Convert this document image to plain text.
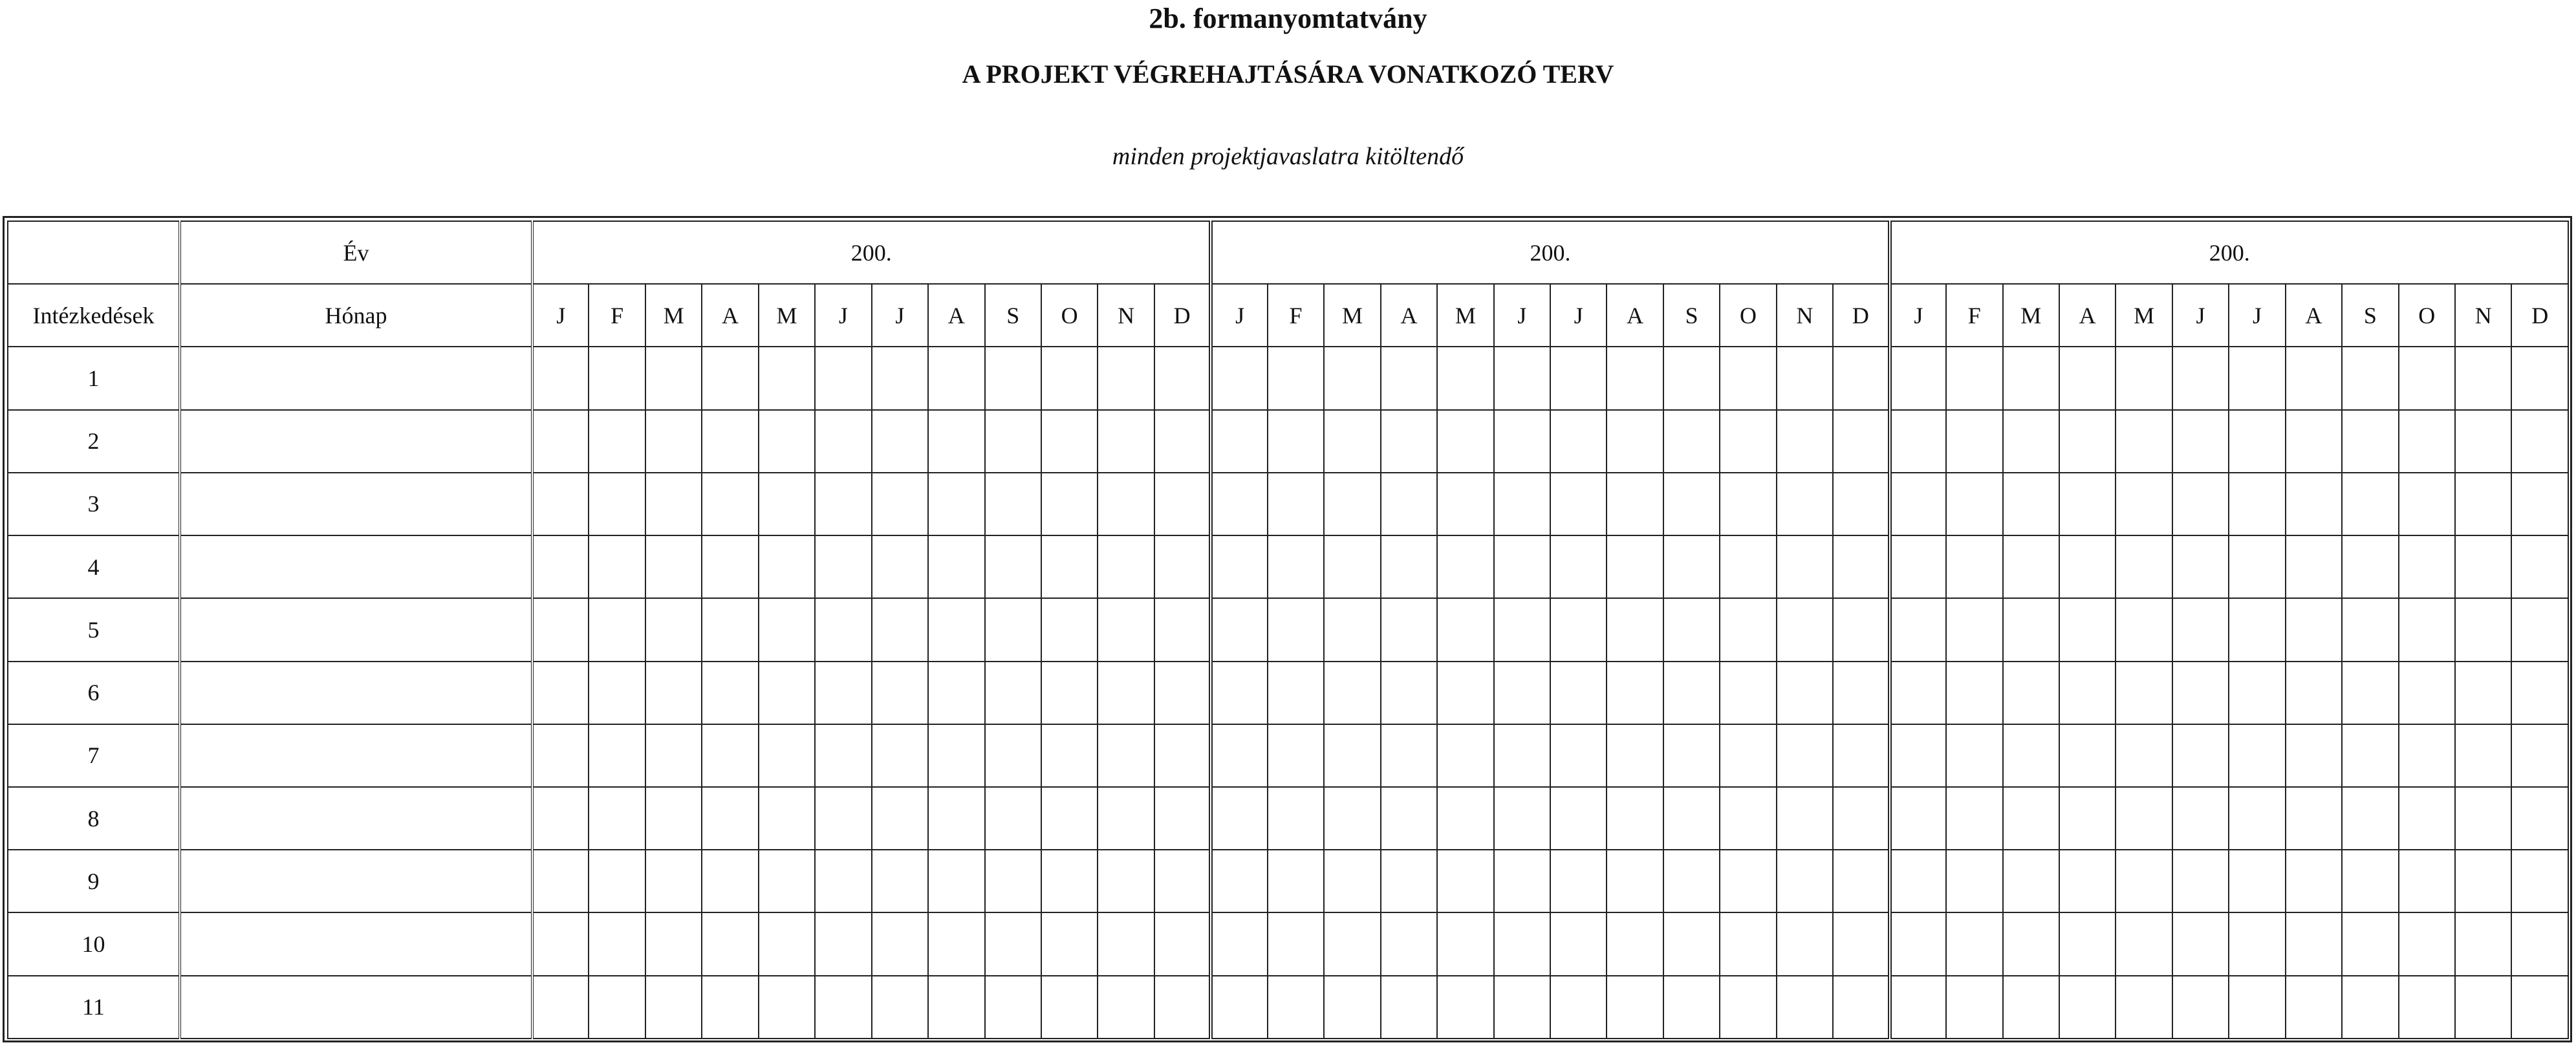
2b. formanyomtatvány
A PROJEKT VÉGREHAJTÁSÁRA VONATKOZÓ TERV

minden projektjavaslatra kitöltendő

	Év	200.												200.												200.											
Intézkedések	Hónap	J	F	M	A	M	J	J	A	S	O	N	D	J	F	M	A	M	J	J	A	S	O	N	D	J	F	M	A	M	J	J	A	S	O	N	D
1																																					
2																																					
3																																					
4																																					
5																																					
6																																					
7																																					
8																																					
9																																					
10																																					
11																																					
